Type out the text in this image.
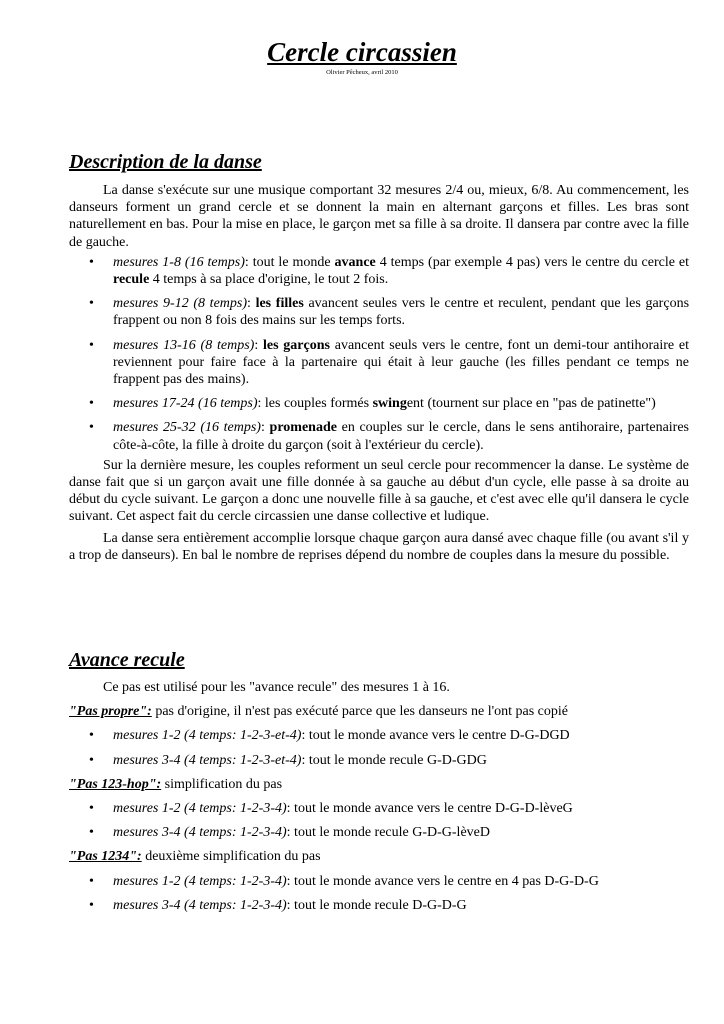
Cercle circassien
Olivier Pêcheux, avril 2010
Description de la danse

La danse s'exécute sur une musique comportant 32 mesures 2/4 ou, mieux, 6/8. Au commencement, les danseurs forment un grand cercle et se donnent la main en alternant garçons et filles. Les bras sont naturellement en bas. Pour la mise en place, le garçon met sa fille à sa droite. Il dansera par contre avec la fille de gauche.

• mesures 1-8 (16 temps): tout le monde avance 4 temps (par exemple 4 pas) vers le centre du cercle et recule 4 temps à sa place d'origine, le tout 2 fois.
• mesures 9-12 (8 temps): les filles avancent seules vers le centre et reculent, pendant que les garçons frappent ou non 8 fois des mains sur les temps forts.
• mesures 13-16 (8 temps): les garçons avancent seuls vers le centre, font un demi-tour antihoraire et reviennent pour faire face à la partenaire qui était à leur gauche (les filles pendant ce temps ne frappent pas des mains).
• mesures 17-24 (16 temps): les couples formés swingent (tournent sur place en "pas de patinette")
• mesures 25-32 (16 temps): promenade en couples sur le cercle, dans le sens antihoraire, partenaires côte-à-côte, la fille à droite du garçon (soit à l'extérieur du cercle).

Sur la dernière mesure, les couples reforment un seul cercle pour recommencer la danse. Le système de danse fait que si un garçon avait une fille donnée à sa gauche au début d'un cycle, elle passe à sa droite au début du cycle suivant. Le garçon a donc une nouvelle fille à sa gauche, et c'est avec elle qu'il dansera le cycle suivant. Cet aspect fait du cercle circassien une danse collective et ludique.

La danse sera entièrement accomplie lorsque chaque garçon aura dansé avec chaque fille (ou avant s'il y a trop de danseurs). En bal le nombre de reprises dépend du nombre de couples dans la mesure du possible.

Avance recule
Ce pas est utilisé pour les "avance recule" des mesures 1 à 16.
"Pas propre": pas d'origine, il n'est pas exécuté parce que les danseurs ne l'ont pas copié
• mesures 1-2 (4 temps: 1-2-3-et-4): tout le monde avance vers le centre D-G-DGD
• mesures 3-4 (4 temps: 1-2-3-et-4): tout le monde recule G-D-GDG
"Pas 123-hop": simplification du pas
• mesures 1-2 (4 temps: 1-2-3-4): tout le monde avance vers le centre D-G-D-lèveG
• mesures 3-4 (4 temps: 1-2-3-4): tout le monde recule G-D-G-lèveD
"Pas 1234": deuxième simplification du pas
• mesures 1-2 (4 temps: 1-2-3-4): tout le monde avance vers le centre en 4 pas D-G-D-G
• mesures 3-4 (4 temps: 1-2-3-4): tout le monde recule D-G-D-G
